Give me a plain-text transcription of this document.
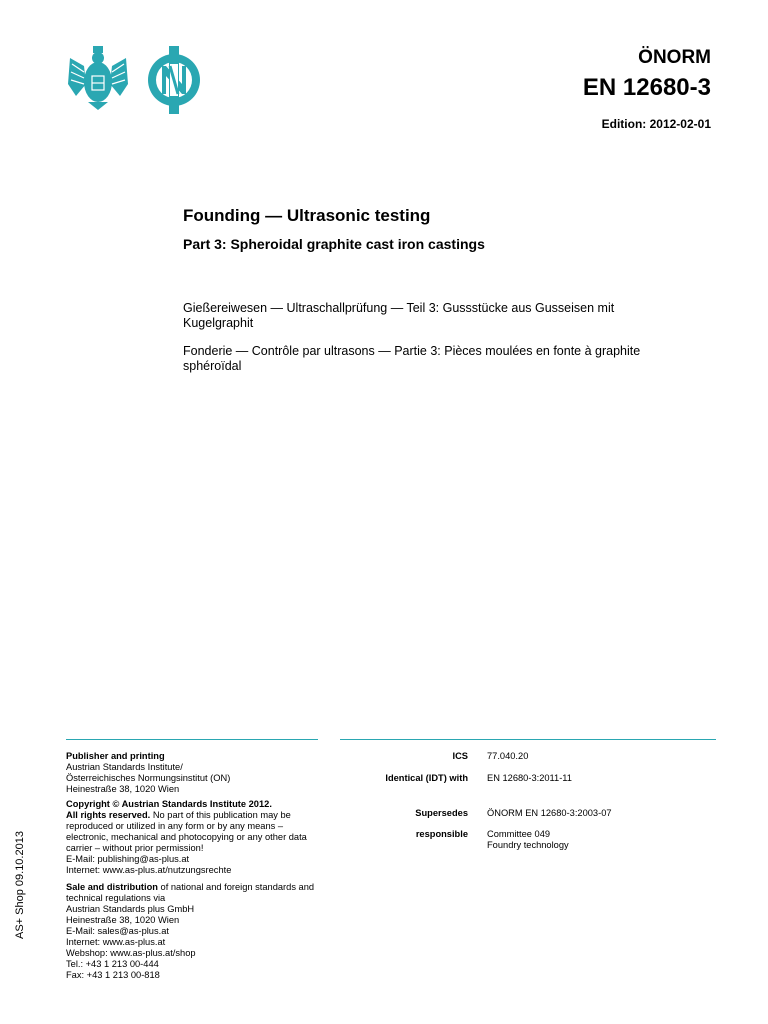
ÖNORM
EN 12680-3
Edition: 2012-02-01
Founding — Ultrasonic testing
Part 3: Spheroidal graphite cast iron castings
Gießereiwesen — Ultraschallprüfung — Teil 3: Gussstücke aus Gusseisen mit Kugelgraphit
Fonderie — Contrôle par ultrasons — Partie 3: Pièces moulées en fonte à graphite sphéroïdal
Publisher and printing
Austrian Standards Institute/
Österreichisches Normungsinstitut (ON)
Heinestraße 38, 1020 Wien
Copyright © Austrian Standards Institute 2012.
All rights reserved. No part of this publication may be reproduced or utilized in any form or by any means – electronic, mechanical and photocopying or any other data carrier – without prior permission!
E-Mail: publishing@as-plus.at
Internet: www.as-plus.at/nutzungsrechte
Sale and distribution of national and foreign standards and technical regulations via
Austrian Standards plus GmbH
Heinestraße 38, 1020 Wien
E-Mail: sales@as-plus.at
Internet: www.as-plus.at
Webshop: www.as-plus.at/shop
Tel.: +43 1 213 00-444
Fax: +43 1 213 00-818
ICS 77.040.20
Identical (IDT) with EN 12680-3:2011-11
Supersedes ÖNORM EN 12680-3:2003-07
responsible Committee 049
Foundry technology
AS+ Shop 09.10.2013
